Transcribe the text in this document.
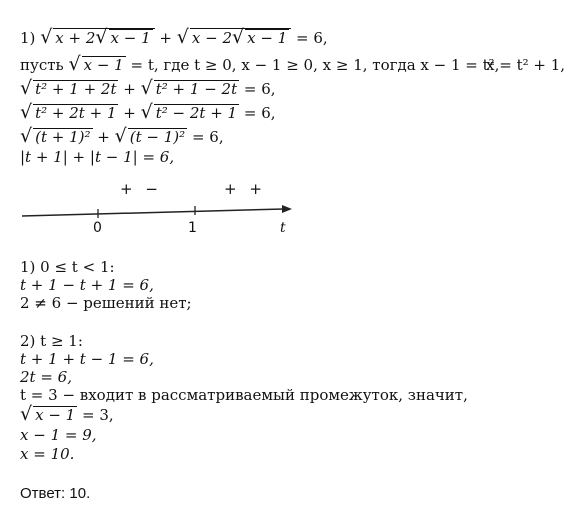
1) √ x + 2√ x − 1 + √ x − 2√ x − 1 = 6,
пусть √ x − 1 = t, где t ≥ 0, x − 1 ≥ 0, x ≥ 1, тогда x − 1 = t²,
x = t² + 1,
√ t² + 1 + 2t + √ t² + 1 − 2t = 6,
√ t² + 2t + 1 + √ t² − 2t + 1 = 6,
√ (t + 1)² + √ (t − 1)² = 6,
|t + 1| + |t − 1| = 6,
+ −	+ +
0	1	t
1) 0 ≤ t < 1:
t + 1 − t + 1 = 6,
2 ≠ 6 − решений нет;
2) t ≥ 1:
t + 1 + t − 1 = 6,
2t = 6,
t = 3 − входит в рассматриваемый промежуток, значит,
√ x − 1 = 3,
x − 1 = 9,
x = 10.
Ответ: 10.
